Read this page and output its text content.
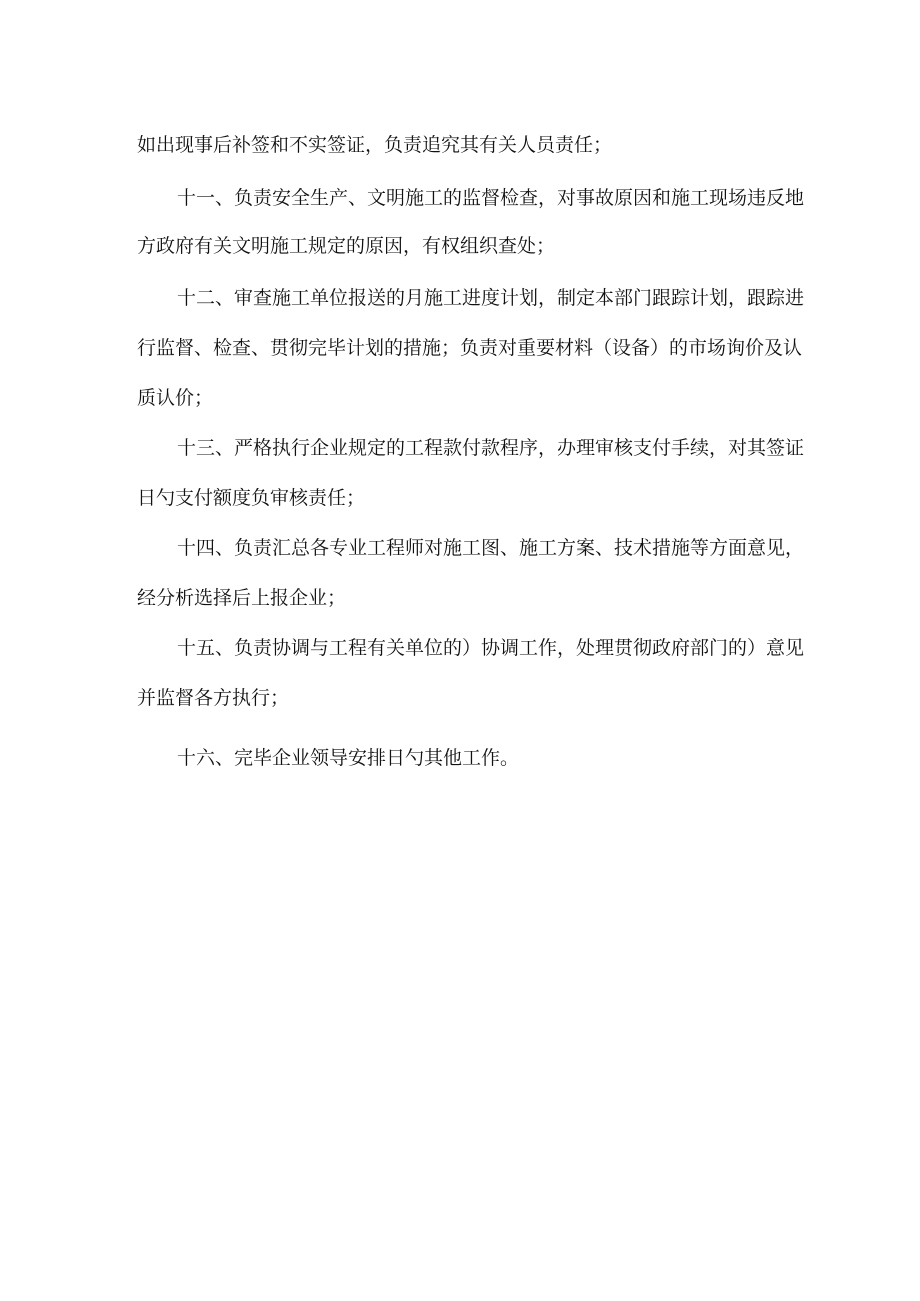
如出现事后补签和不实签证，负责追究其有关人员责任；
十一、负责安全生产、文明施工的监督检查，对事故原因和施工现场违反地
方政府有关文明施工规定的原因，有权组织查处；
十二、审查施工单位报送的月施工进度计划，制定本部门跟踪计划，跟踪进
行监督、检查、贯彻完毕计划的措施；负责对重要材料（设备）的市场询价及认
质认价；
十三、严格执行企业规定的工程款付款程序，办理审核支付手续，对其签证
日勺支付额度负审核责任；
十四、负责汇总各专业工程师对施工图、施工方案、技术措施等方面意见，
经分析选择后上报企业；
十五、负责协调与工程有关单位的）协调工作，处理贯彻政府部门的）意见
并监督各方执行；
十六、完毕企业领导安排日勺其他工作。
